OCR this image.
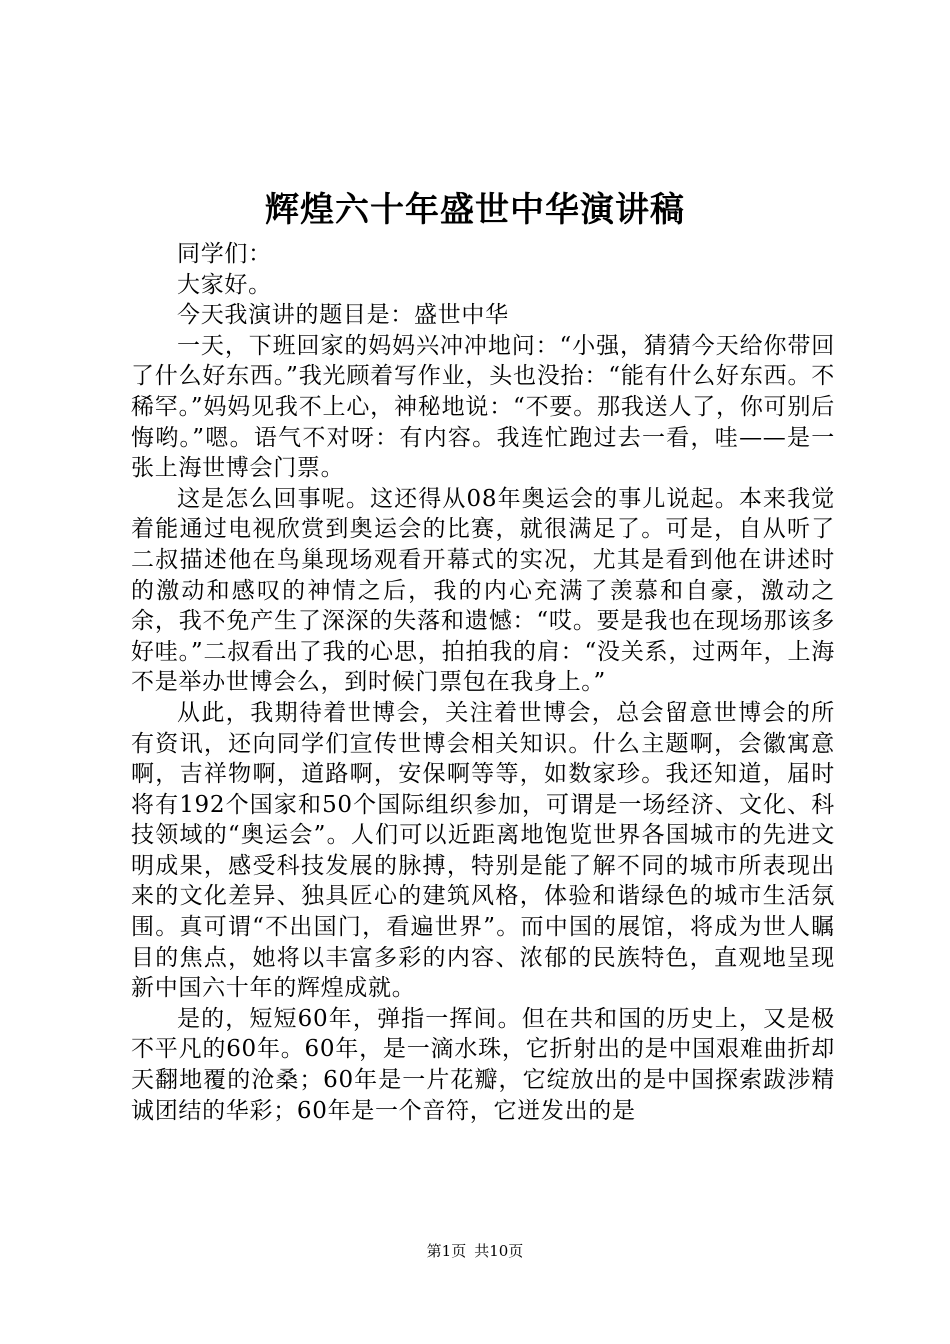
辉煌六十年盛世中华演讲稿

同学们：

大家好。

今天我演讲的题目是：盛世中华

一天，下班回家的妈妈兴冲冲地问：“小强，猜猜今天给你带回了什么好东西。”我光顾着写作业，头也没抬：“能有什么好东西。不稀罕。”妈妈见我不上心，神秘地说：“不要。那我送人了，你可别后悔哟。”嗯。语气不对呀：有内容。我连忙跑过去一看，哇——是一张上海世博会门票。

这是怎么回事呢。这还得从08年奥运会的事儿说起。本来我觉着能通过电视欣赏到奥运会的比赛，就很满足了。可是，自从听了二叔描述他在鸟巢现场观看开幕式的实况，尤其是看到他在讲述时的激动和感叹的神情之后，我的内心充满了羡慕和自豪，激动之余，我不免产生了深深的失落和遗憾：“哎。要是我也在现场那该多好哇。”二叔看出了我的心思，拍拍我的肩：“没关系，过两年，上海不是举办世博会么，到时候门票包在我身上。”

从此，我期待着世博会，关注着世博会，总会留意世博会的所有资讯，还向同学们宣传世博会相关知识。什么主题啊，会徽寓意啊，吉祥物啊，道路啊，安保啊等等，如数家珍。我还知道，届时将有192个国家和50个国际组织参加，可谓是一场经济、文化、科技领域的“奥运会”。人们可以近距离地饱览世界各国城市的先进文明成果，感受科技发展的脉搏，特别是能了解不同的城市所表现出来的文化差异、独具匠心的建筑风格，体验和谐绿色的城市生活氛围。真可谓“不出国门，看遍世界”。而中国的展馆，将成为世人瞩目的焦点，她将以丰富多彩的内容、浓郁的民族特色，直观地呈现新中国六十年的辉煌成就。

是的，短短60年，弹指一挥间。但在共和国的历史上，又是极不平凡的60年。60年，是一滴水珠，它折射出的是中国艰难曲折却天翻地覆的沧桑；60年是一片花瓣，它绽放出的是中国探索跋涉精诚团结的华彩；60年是一个音符，它迸发出的是

第1页 共10页
